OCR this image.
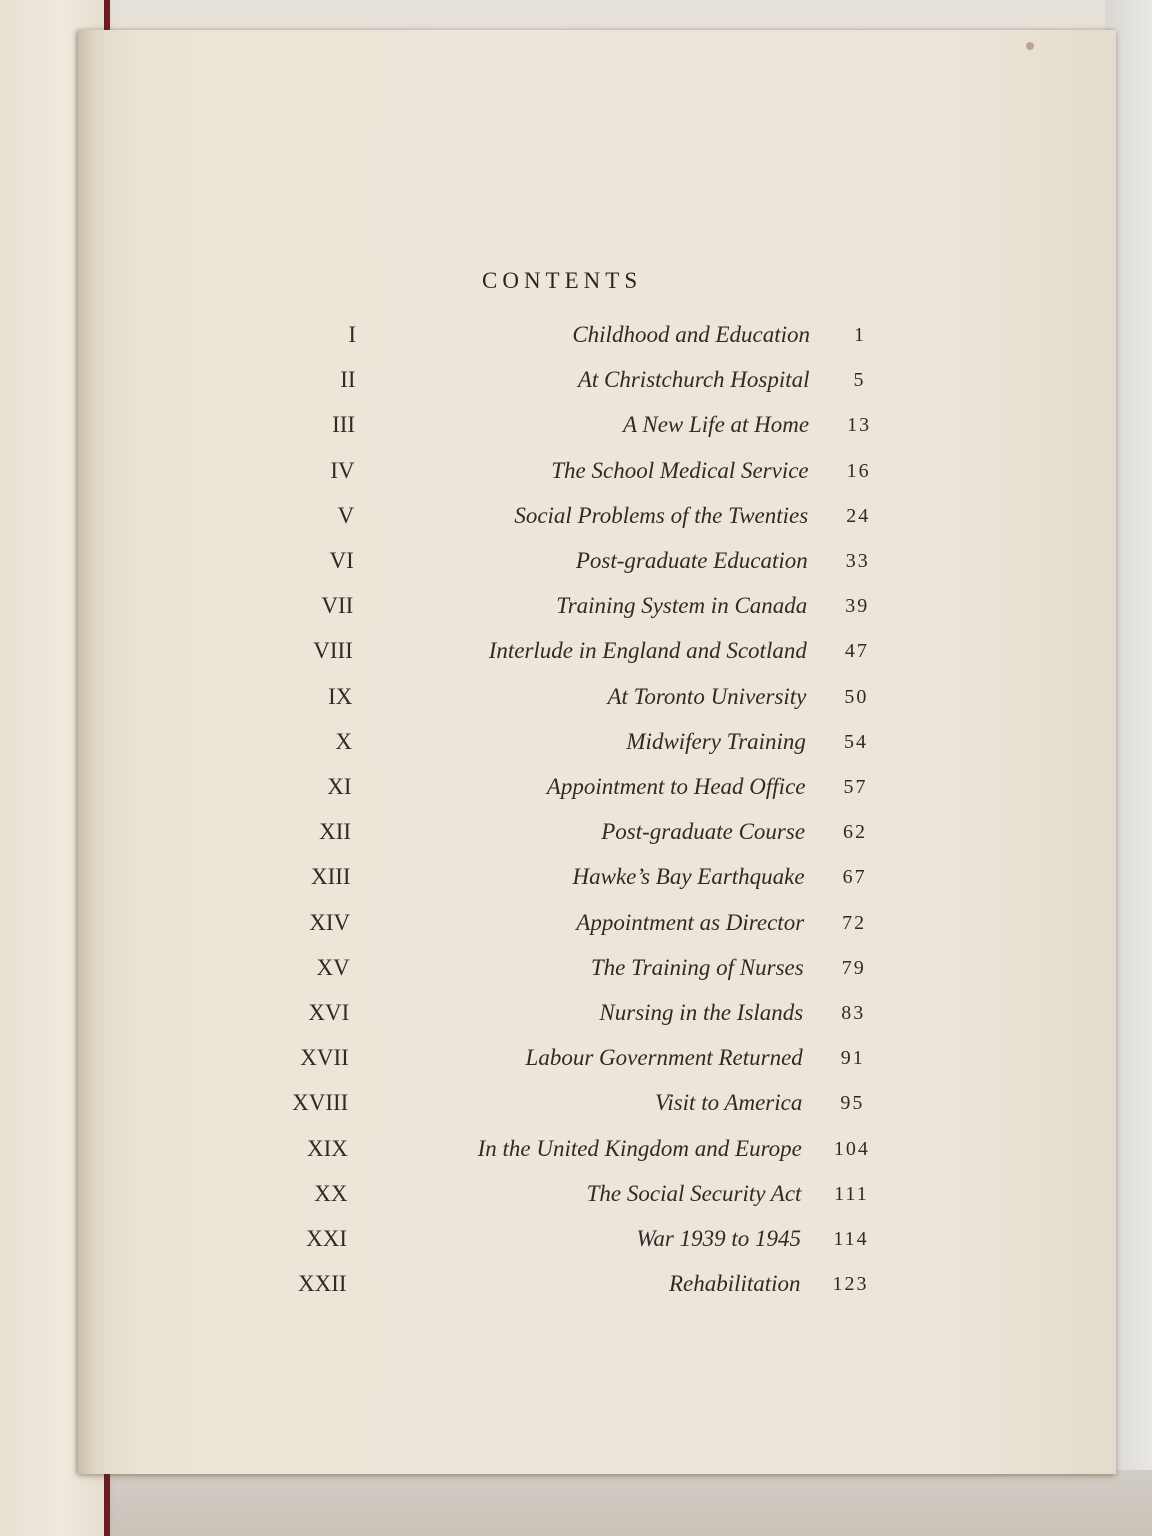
CONTENTS
I	Childhood and Education	1
II	At Christchurch Hospital	5
III	A New Life at Home	13
IV	The School Medical Service	16
V	Social Problems of the Twenties	24
VI	Post-graduate Education	33
VII	Training System in Canada	39
VIII	Interlude in England and Scotland	47
IX	At Toronto University	50
X	Midwifery Training	54
XI	Appointment to Head Office	57
XII	Post-graduate Course	62
XIII	Hawke’s Bay Earthquake	67
XIV	Appointment as Director	72
XV	The Training of Nurses	79
XVI	Nursing in the Islands	83
XVII	Labour Government Returned	91
XVIII	Visit to America	95
XIX	In the United Kingdom and Europe	104
XX	The Social Security Act	111
XXI	War 1939 to 1945	114
XXII	Rehabilitation	123
